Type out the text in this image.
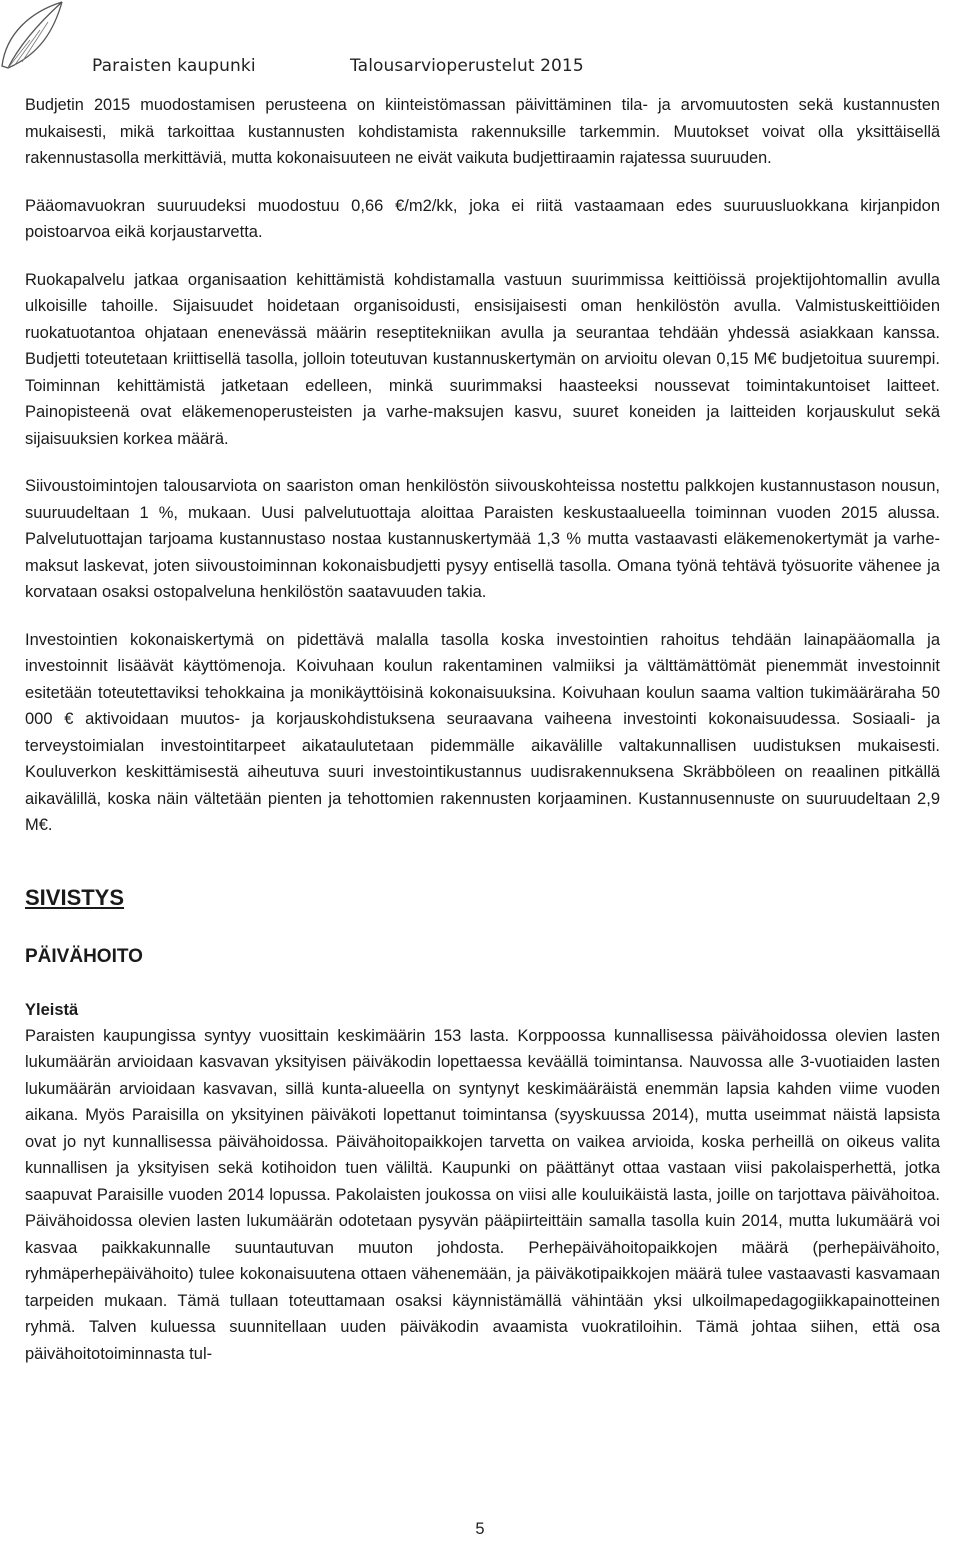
Paraisten kaupunki	Talousarvioperustelut 2015

Budjetin 2015 muodostamisen perusteena on kiinteistömassan päivittäminen tila- ja arvomuutosten sekä kustannusten mukaisesti, mikä tarkoittaa kustannusten kohdistamista rakennuksille tarkemmin. Muutokset voivat olla yksittäisellä rakennustasolla merkittäviä, mutta kokonaisuuteen ne eivät vaikuta budjettiraamin rajatessa suuruuden.

Pääomavuokran suuruudeksi muodostuu 0,66 €/m2/kk, joka ei riitä vastaamaan edes suuruusluokkana kirjanpidon poistoarvoa eikä korjaustarvetta.

Ruokapalvelu jatkaa organisaation kehittämistä kohdistamalla vastuun suurimmissa keittiöissä projektijohtomallin avulla ulkoisille tahoille. Sijaisuudet hoidetaan organisoidusti, ensisijaisesti oman henkilöstön avulla. Valmistuskeittiöiden ruokatuotantoa ohjataan enenevässä määrin reseptitekniikan avulla ja seurantaa tehdään yhdessä asiakkaan kanssa. Budjetti toteutetaan kriittisellä tasolla, jolloin toteutuvan kustannuskertymän on arvioitu olevan 0,15 M€ budjetoitua suurempi. Toiminnan kehittämistä jatketaan edelleen, minkä suurimmaksi haasteeksi noussevat toimintakuntoiset laitteet. Painopisteenä ovat eläkemenoperusteisten ja varhe-maksujen kasvu, suuret koneiden ja laitteiden korjauskulut sekä sijaisuuksien korkea määrä.

Siivoustoimintojen talousarviota on saariston oman henkilöstön siivouskohteissa nostettu palkkojen kustannustason nousun, suuruudeltaan 1 %, mukaan. Uusi palvelutuottaja aloittaa Paraisten keskustaalueella toiminnan vuoden 2015 alussa. Palvelutuottajan tarjoama kustannustaso nostaa kustannuskertymää 1,3 % mutta vastaavasti eläkemenokertymät ja varhe-maksut laskevat, joten siivoustoiminnan kokonaisbudjetti pysyy entisellä tasolla. Omana työnä tehtävä työsuorite vähenee ja korvataan osaksi ostopalveluna henkilöstön saatavuuden takia.

Investointien kokonaiskertymä on pidettävä malalla tasolla koska investointien rahoitus tehdään lainapääomalla ja investoinnit lisäävät käyttömenoja. Koivuhaan koulun rakentaminen valmiiksi ja välttämättömät pienemmät investoinnit esitetään toteutettaviksi tehokkaina ja monikäyttöisinä kokonaisuuksina. Koivuhaan koulun saama valtion tukimääräraha 50 000 € aktivoidaan muutos- ja korjauskohdistuksena seuraavana vaiheena investointi kokonaisuudessa. Sosiaali- ja terveystoimialan investointitarpeet aikataulutetaan pidemmälle aikavälille valtakunnallisen uudistuksen mukaisesti. Kouluverkon keskittämisestä aiheutuva suuri investointikustannus uudisrakennuksena Skräbböleen on reaalinen pitkällä aikavälillä, koska näin vältetään pienten ja tehottomien rakennusten korjaaminen. Kustannusennuste on suuruudeltaan 2,9 M€.

SIVISTYS
PÄIVÄHOITO
Yleistä

Paraisten kaupungissa syntyy vuosittain keskimäärin 153 lasta. Korppoossa kunnallisessa päivähoidossa olevien lasten lukumäärän arvioidaan kasvavan yksityisen päiväkodin lopettaessa keväällä toimintansa. Nauvossa alle 3-vuotiaiden lasten lukumäärän arvioidaan kasvavan, sillä kunta-alueella on syntynyt keskimääräistä enemmän lapsia kahden viime vuoden aikana. Myös Paraisilla on yksityinen päiväkoti lopettanut toimintansa (syyskuussa 2014), mutta useimmat näistä lapsista ovat jo nyt kunnallisessa päivähoidossa. Päivähoitopaikkojen tarvetta on vaikea arvioida, koska perheillä on oikeus valita kunnallisen ja yksityisen sekä kotihoidon tuen väliltä. Kaupunki on päättänyt ottaa vastaan viisi pakolaisperhettä, jotka saapuvat Paraisille vuoden 2014 lopussa. Pakolaisten joukossa on viisi alle kouluikäistä lasta, joille on tarjottava päivähoitoa. Päivähoidossa olevien lasten lukumäärän odotetaan pysyvän pääpiirteittäin samalla tasolla kuin 2014, mutta lukumäärä voi kasvaa paikkakunnalle suuntautuvan muuton johdosta. Perhepäivähoitopaikkojen määrä (perhepäivähoito, ryhmäperhepäivähoito) tulee kokonaisuutena ottaen vähenemään, ja päiväkotipaikkojen määrä tulee vastaavasti kasvamaan tarpeiden mukaan. Tämä tullaan toteuttamaan osaksi käynnistämällä vähintään yksi ulkoilmapedagogiikkapainotteinen ryhmä. Talven kuluessa suunnitellaan uuden päiväkodin avaamista vuokratiloihin. Tämä johtaa siihen, että osa päivähoitotoiminnasta tul-

5
